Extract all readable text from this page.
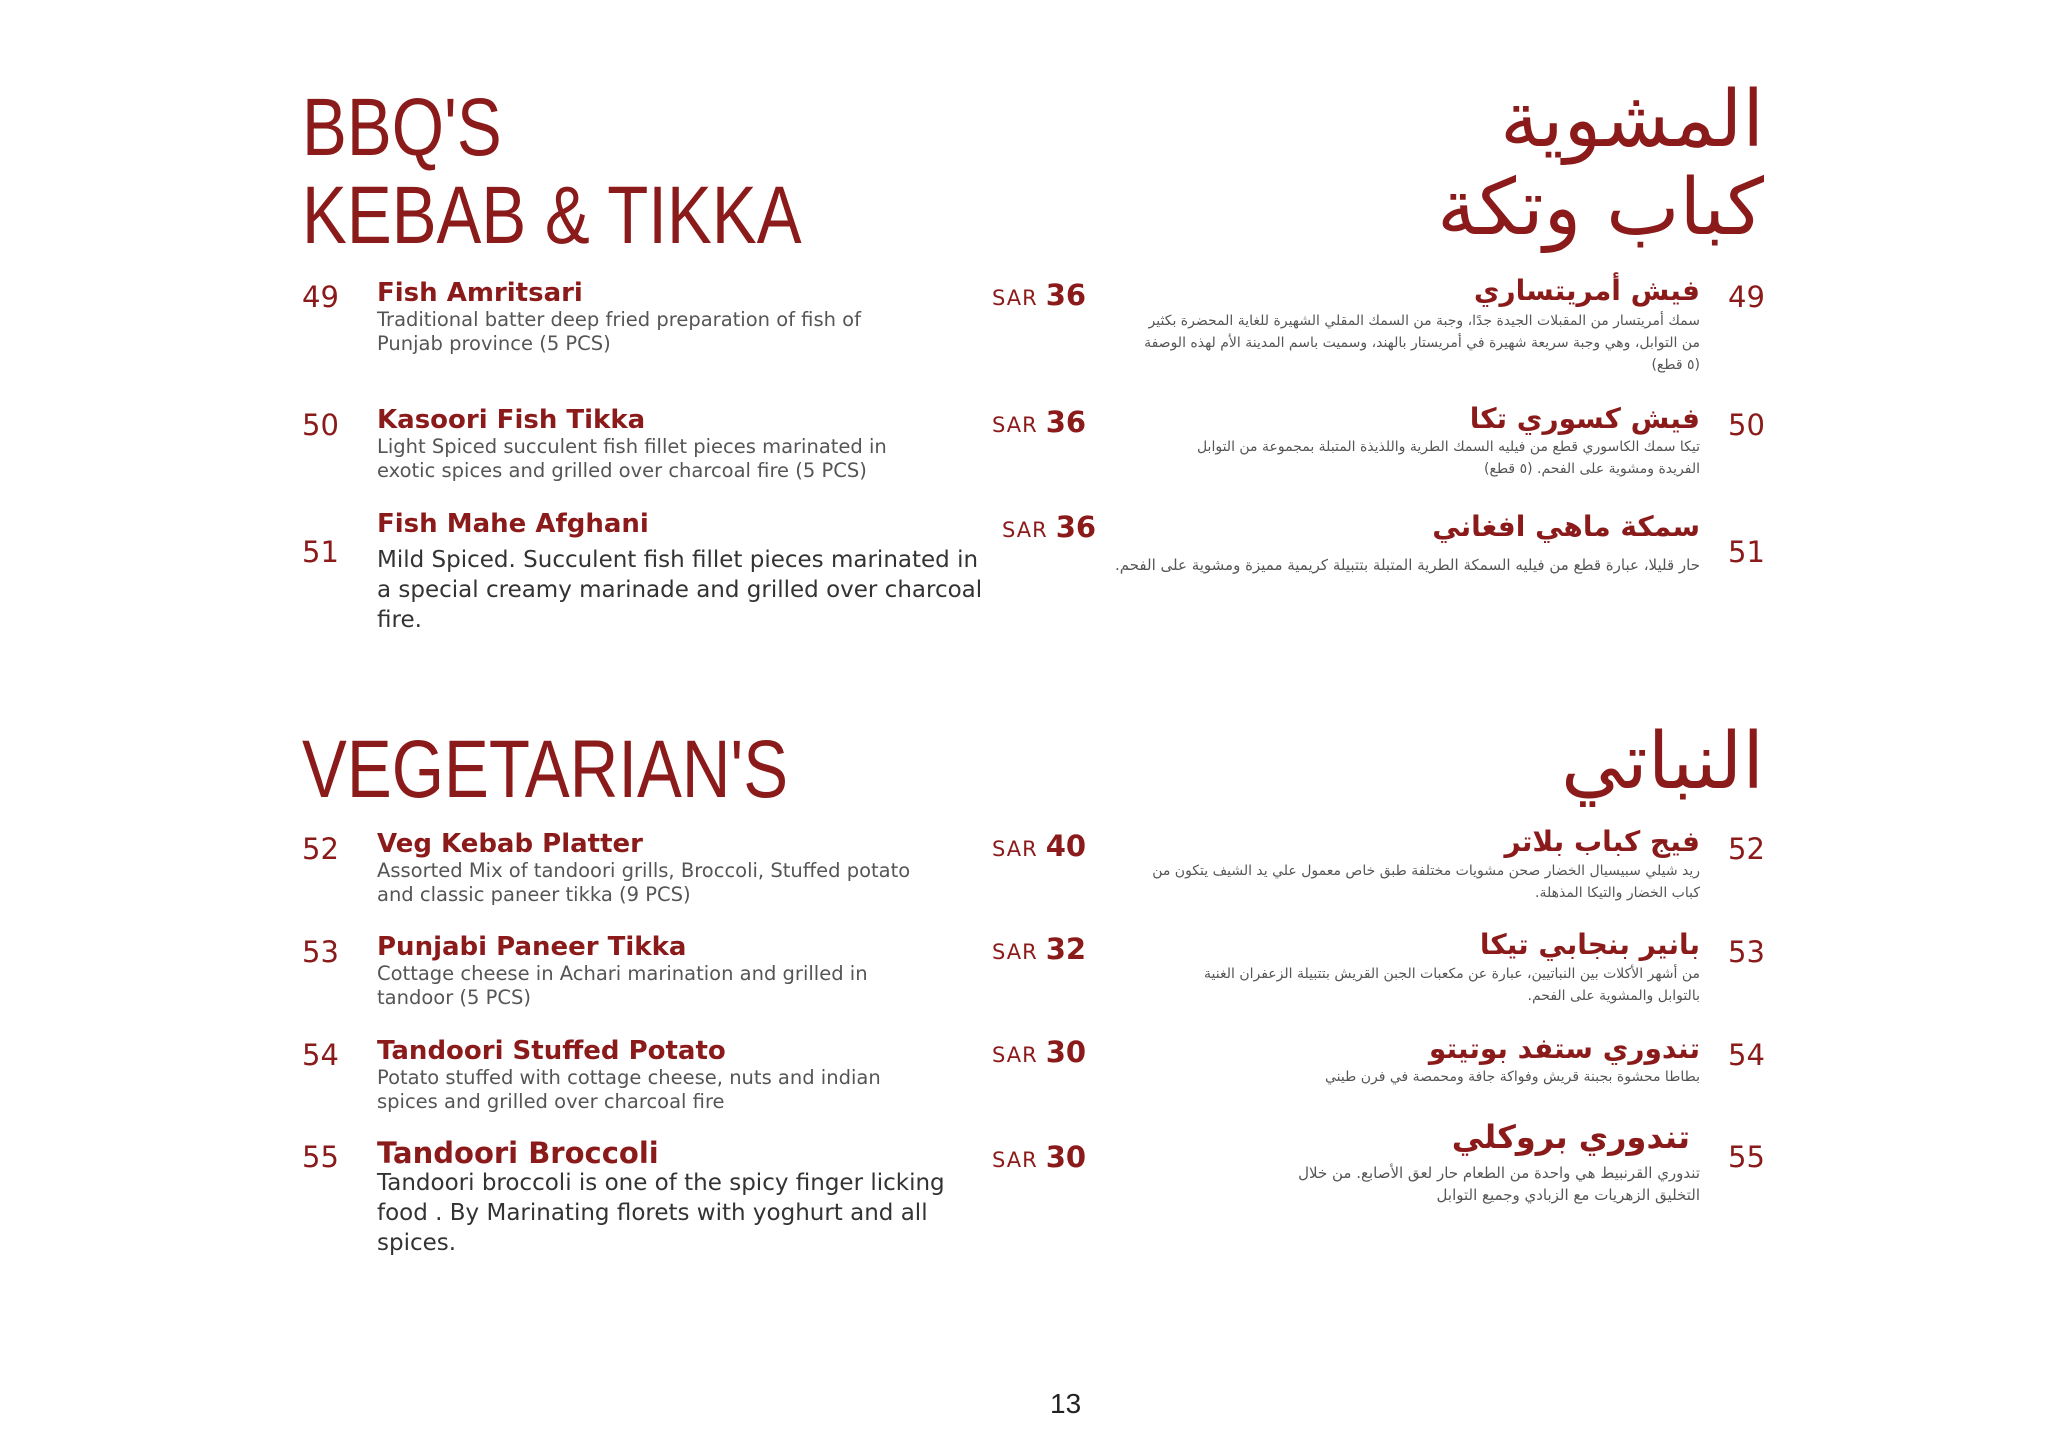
BBQ'S
KEBAB & TIKKA
المشوية
كباب وتكة
49 Fish Amritsari
Traditional batter deep fried preparation of fish of Punjab province (5 PCS)
SAR 36	فيش أمريتساري
سمك أمريتسار من المقبلات الجيدة جدًا، وجبة من السمك المقلي الشهيرة للغاية المحضرة بكثير من التوابل، وهي وجبة سريعة شهيرة في أمريستار بالهند، وسميت باسم المدينة الأم لهذه الوصفة (٥ قطع)
49
50 Kasoori Fish Tikka
Light Spiced succulent fish fillet pieces marinated in exotic spices and grilled over charcoal fire (5 PCS)
SAR 36	فيش كسوري تكا
تيكا سمك الكاسوري قطع من فيليه السمك الطرية واللذيذة المتبلة بمجموعة من التوابل الفريدة ومشوية على الفحم. (٥ قطع)
50
51
Fish Mahe Afghani
Mild Spiced. Succulent fish fillet pieces marinated in a special creamy marinade and grilled over charcoal fire.
SAR 36	سمكة ماهي افغاني
حار قليلا، عبارة قطع من فيليه السمكة الطرية المتبلة بتتبيلة كريمية مميزة ومشوية على الفحم. 51
VEGETARIAN'S	النباتي
52 Veg Kebab Platter
Assorted Mix of tandoori grills, Broccoli, Stuffed potato and classic paneer tikka (9 PCS)
SAR 40	فيج كباب بلاتر
ريد شيلي سبيسيال الخضار صحن مشويات مختلفة طبق خاص معمول علي يد الشيف يتكون من كباب الخضار والتيكا المذهلة.
52
53 Punjabi Paneer Tikka
Cottage cheese in Achari marination and grilled in tandoor (5 PCS)
SAR 32	بانير بنجابي تيكا
من أشهر الأكلات بين النباتيين، عبارة عن مكعبات الجبن القريش بتتبيلة الزعفران الغنية بالتوابل والمشوية على الفحم.
53
54 Tandoori Stuffed Potato
Potato stuffed with cottage cheese, nuts and indian spices and grilled over charcoal fire
SAR 30	تندوري ستفد بوتيتو
بطاطا محشوة بجبنة قريش وفواكة جافة ومحمصة في فرن طيني
54
55 Tandoori Broccoli
Tandoori broccoli is one of the spicy finger licking food . By Marinating florets with yoghurt and all spices.
SAR 30
تندوري بروكلي
تندوري القرنبيط هي واحدة من الطعام حار لعق الأصابع. من خلال التخليق الزهريات مع الزبادي وجميع التوابل
55
13
